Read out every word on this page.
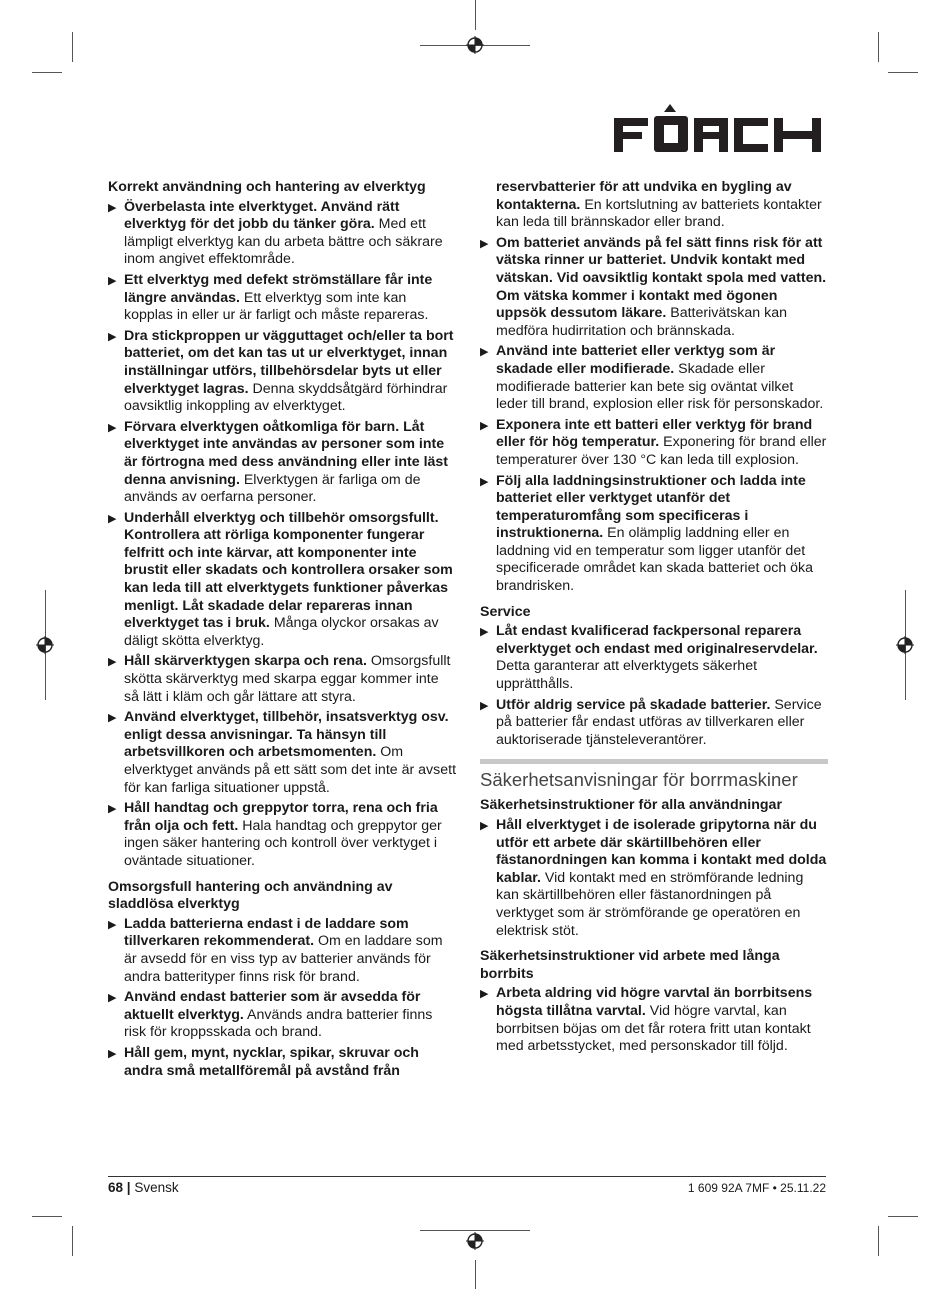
Korrekt användning och hantering av elverktyg
▶ Överbelasta inte elverktyget. Använd rätt elverktyg för det jobb du tänker göra. Med ett lämpligt elverktyg kan du arbeta bättre och säkrare inom angivet effektområde.
▶ Ett elverktyg med defekt strömställare får inte längre användas. Ett elverktyg som inte kan kopplas in eller ur är farligt och måste repareras.
▶ Dra stickproppen ur vägguttaget och/eller ta bort batteriet, om det kan tas ut ur elverktyget, innan inställningar utförs, tillbehörsdelar byts ut eller elverktyget lagras. Denna skyddsåtgärd förhindrar oavsiktlig inkoppling av elverktyget.
▶ Förvara elverktygen oåtkomliga för barn. Låt elverktyget inte användas av personer som inte är förtrogna med dess användning eller inte läst denna anvisning. Elverktygen är farliga om de används av oerfarna personer.
▶ Underhåll elverktyg och tillbehör omsorgsfullt. Kontrollera att rörliga komponenter fungerar felfritt och inte kärvar, att komponenter inte brustit eller skadats och kontrollera orsaker som kan leda till att elverktygets funktioner påverkas menligt. Låt skadade delar repareras innan elverktyget tas i bruk. Många olyckor orsakas av däligt skötta elverktyg.
▶ Håll skärverktygen skarpa och rena. Omsorgsfullt skötta skärverktyg med skarpa eggar kommer inte så lätt i kläm och går lättare att styra.
▶ Använd elverktyget, tillbehör, insatsverktyg osv. enligt dessa anvisningar. Ta hänsyn till arbetsvillkoren och arbetsmomenten. Om elverktyget används på ett sätt som det inte är avsett för kan farliga situationer uppstå.
▶ Håll handtag och greppytor torra, rena och fria från olja och fett. Hala handtag och greppytor ger ingen säker hantering och kontroll över verktyget i oväntade situationer.
Omsorgsfull hantering och användning av sladdlösa elverktyg
▶ Ladda batterierna endast i de laddare som tillverkaren rekommenderat. Om en laddare som är avsedd för en viss typ av batterier används för andra batterityper finns risk för brand.
▶ Använd endast batterier som är avsedda för aktuellt elverktyg. Används andra batterier finns risk för kroppsskada och brand.
▶ Håll gem, mynt, nycklar, spikar, skruvar och andra små metallföremål på avstånd från
reservbatterier för att undvika en bygling av kontakterna. En kortslutning av batteriets kontakter kan leda till brännskador eller brand.
▶ Om batteriet används på fel sätt finns risk för att vätska rinner ur batteriet. Undvik kontakt med vätskan. Vid oavsiktlig kontakt spola med vatten. Om vätska kommer i kontakt med ögonen uppsök dessutom läkare. Batterivätskan kan medföra hudirritation och brännskada.
▶ Använd inte batteriet eller verktyg som är skadade eller modifierade. Skadade eller modifierade batterier kan bete sig oväntat vilket leder till brand, explosion eller risk för personskador.
▶ Exponera inte ett batteri eller verktyg för brand eller för hög temperatur. Exponering för brand eller temperaturer över 130 °C kan leda till explosion.
▶ Följ alla laddningsinstruktioner och ladda inte batteriet eller verktyget utanför det temperaturomfång som specificeras i instruktionerna. En olämplig laddning eller en laddning vid en temperatur som ligger utanför det specificerade området kan skada batteriet och öka brandrisken.
Service
▶ Låt endast kvalificerad fackpersonal reparera elverktyget och endast med originalreservdelar. Detta garanterar att elverktygets säkerhet upprätthålls.
▶ Utför aldrig service på skadade batterier. Service på batterier får endast utföras av tillverkaren eller auktoriserade tjänsteleverantörer.
Säkerhetsanvisningar för borrmaskiner
Säkerhetsinstruktioner för alla användningar
▶ Håll elverktyget i de isolerade gripytorna när du utför ett arbete där skärtillbehören eller fästanordningen kan komma i kontakt med dolda kablar. Vid kontakt med en strömförande ledning kan skärtillbehören eller fästanordningen på verktyget som är strömförande ge operatören en elektrisk stöt.
Säkerhetsinstruktioner vid arbete med långa borrbits
▶ Arbeta aldring vid högre varvtal än borrbitsens högsta tillåtna varvtal. Vid högre varvtal, kan borrbitsen böjas om det får rotera fritt utan kontakt med arbetsstycket, med personskador till följd.
68 | Svensk	1 609 92A 7MF • 25.11.22
